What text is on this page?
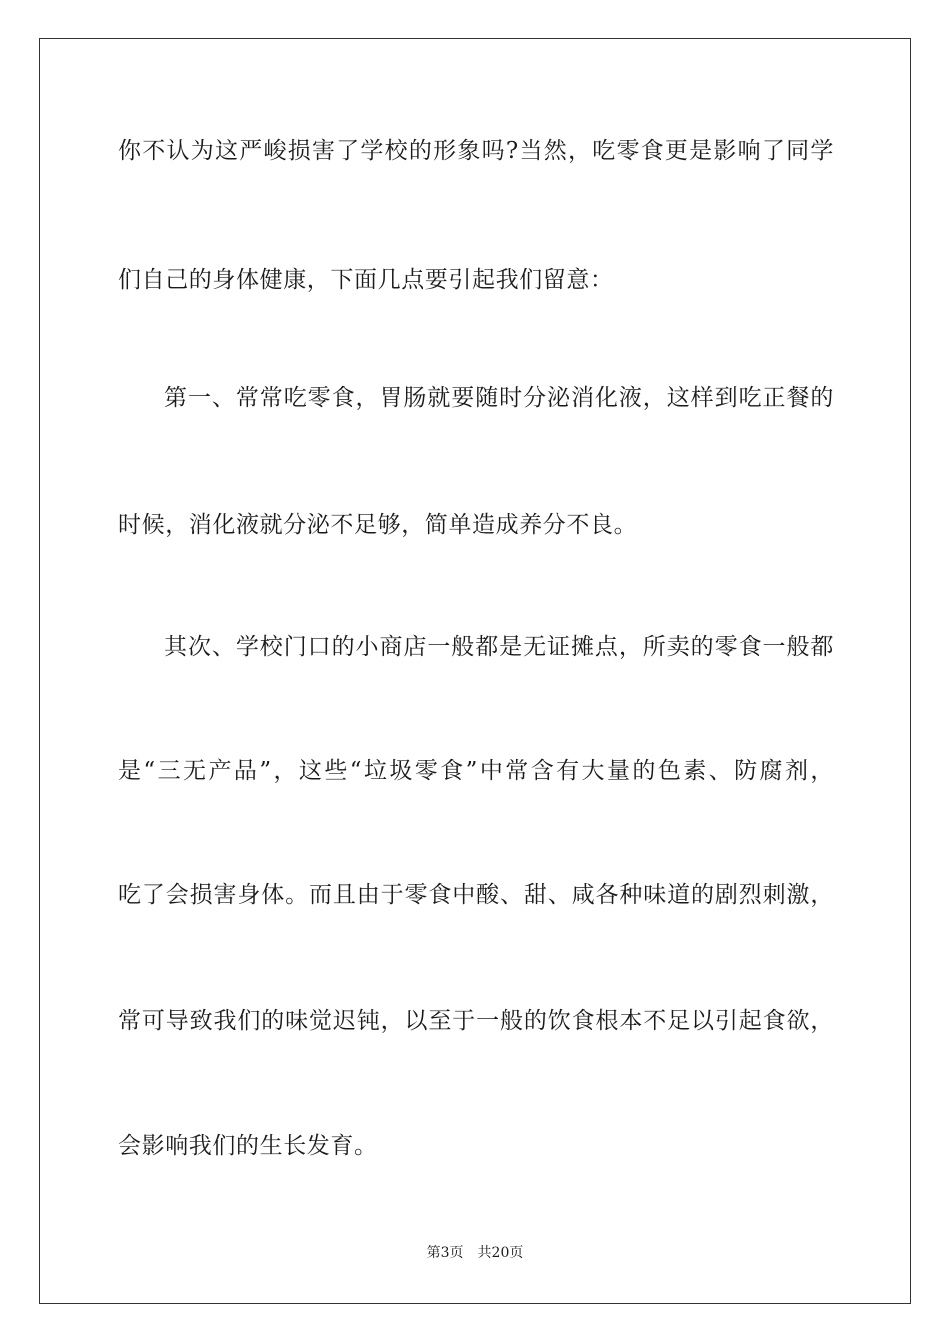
你不认为这严峻损害了学校的形象吗?当然，吃零食更是影响了同学
们自己的身体健康，下面几点要引起我们留意：
第一、常常吃零食，胃肠就要随时分泌消化液，这样到吃正餐的
时候，消化液就分泌不足够，简单造成养分不良。
其次、学校门口的小商店一般都是无证摊点，所卖的零食一般都
是“三无产品”，这些“垃圾零食”中常含有大量的色素、防腐剂，
吃了会损害身体。而且由于零食中酸、甜、咸各种味道的剧烈刺激，
常可导致我们的味觉迟钝，以至于一般的饮食根本不足以引起食欲，
会影响我们的生长发育。
第3页　共20页
